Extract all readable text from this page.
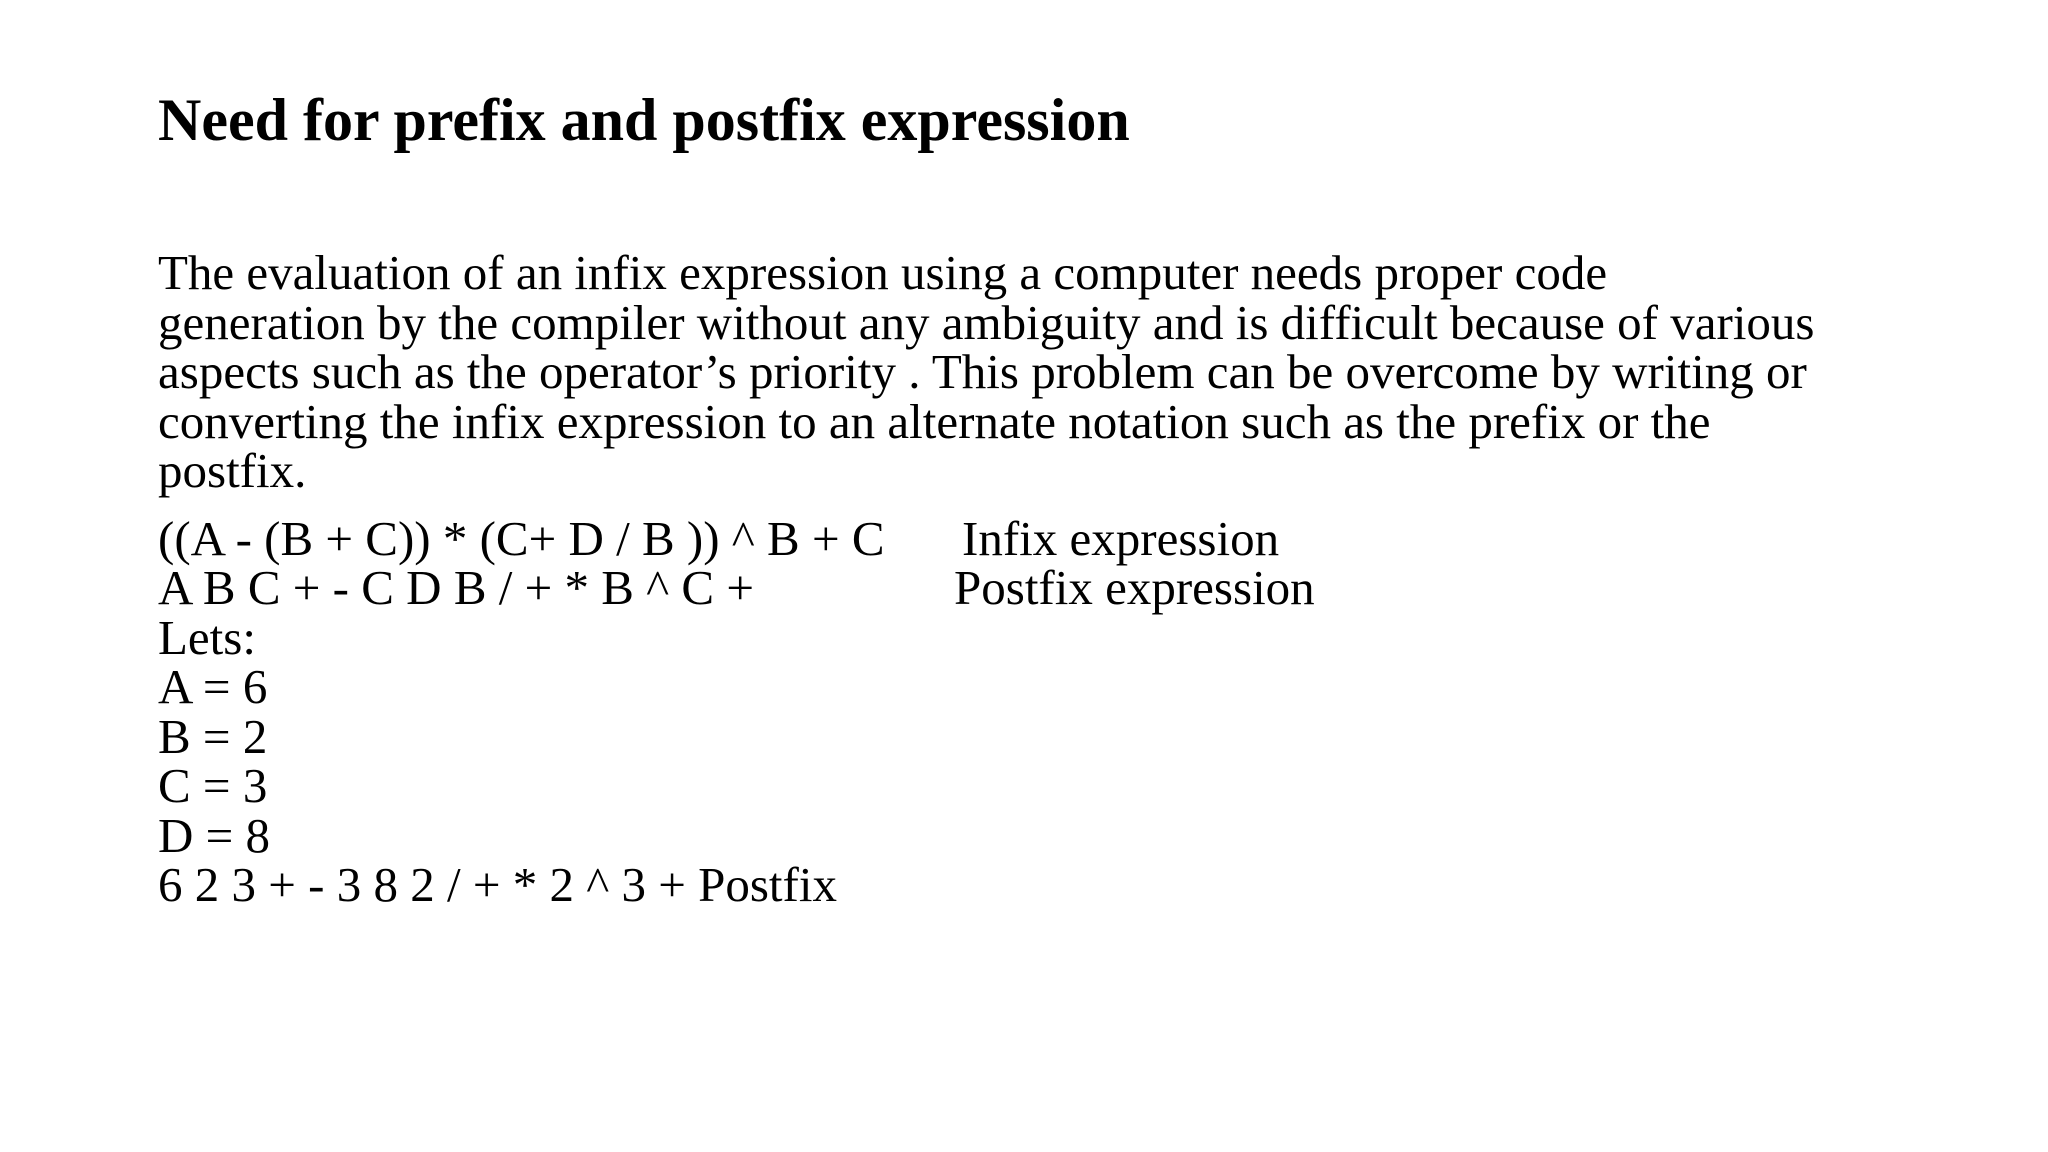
Need for prefix and postfix expression

The evaluation of an infix expression using a computer needs proper code
generation by the compiler without any ambiguity and is difficult because of various
aspects such as the operator’s priority . This problem can be overcome by writing or
converting the infix expression to an alternate notation such as the prefix or the
postfix.

((A - (B + C)) * (C+ D / B )) ^ B + C Infix expression
A B C + - C D B / + * B ^ C +	Postfix expression
Lets:
A = 6
B = 2
C = 3
D = 8
6 2 3 + - 3 8 2 / + * 2 ^ 3 + Postfix
